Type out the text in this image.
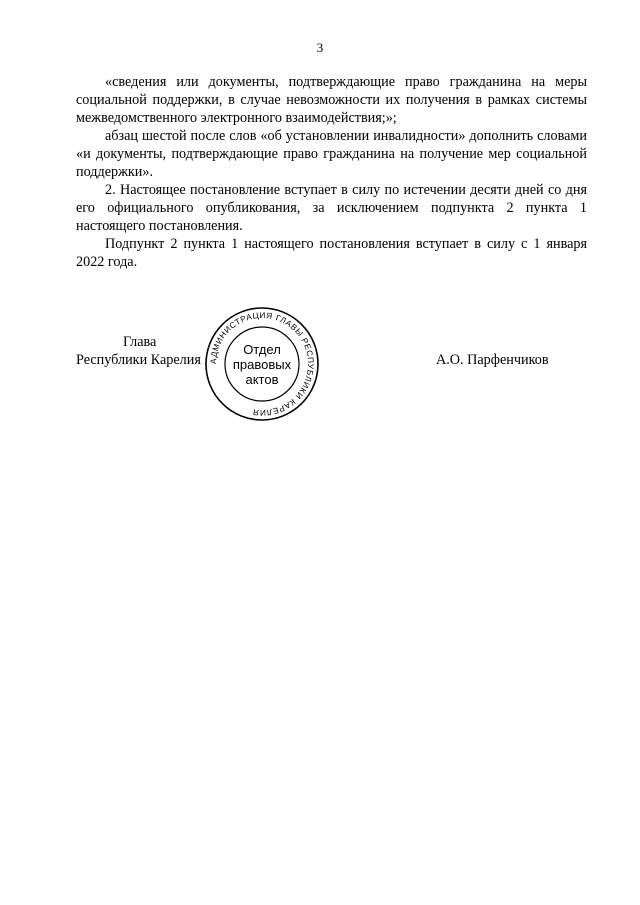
3

«сведения или документы, подтверждающие право гражданина на меры социальной поддержки, в случае невозможности их получения в рамках системы межведомственного электронного взаимодействия;»;

абзац шестой после слов «об установлении инвалидности» дополнить словами «и документы, подтверждающие право гражданина на получение мер социальной поддержки».

2. Настоящее постановление вступает в силу по истечении десяти дней со дня его официального опубликования, за исключением подпункта 2 пункта 1 настоящего постановления.

Подпункт 2 пункта 1 настоящего постановления вступает в силу с 1 января 2022 года.

Глава
Республики Карелия	А.О. Парфенчиков
АДМИНИСТРАЦИЯ ГЛАВЫ РЕСПУБЛИКИ КАРЕЛИЯ
Отдел
правовых
актов
